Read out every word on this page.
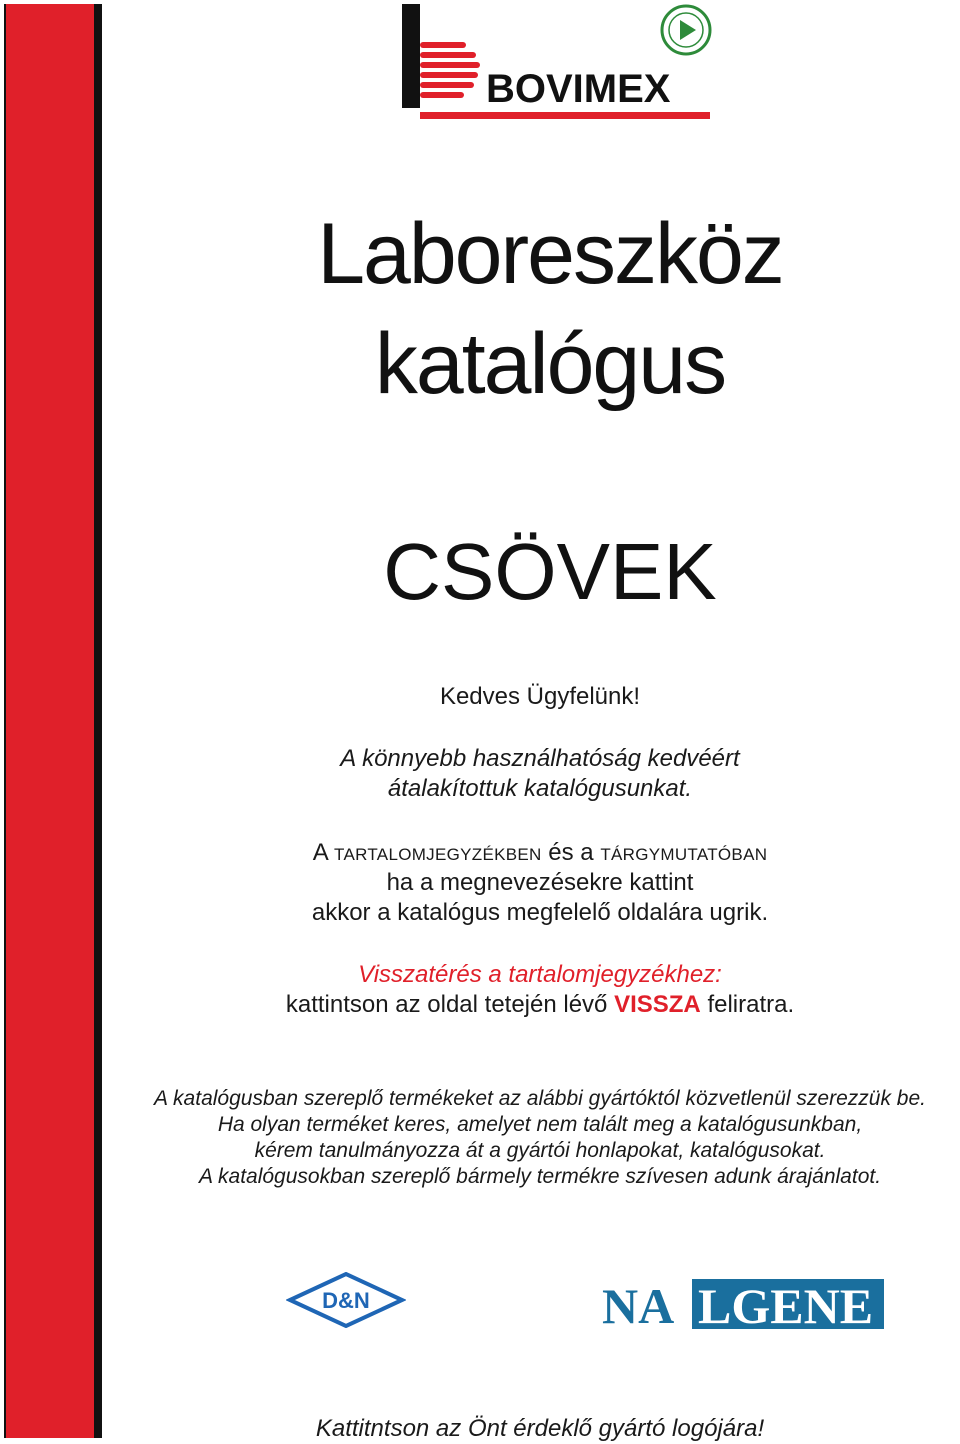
BOVIMEX
Laboreszköz
katalógus
CSÖVEK
Kedves Ügyfelünk!
A könnyebb használhatóság kedvéért
átalakítottuk katalógusunkat.
A TARTALOMJEGYZÉKBEN és a TÁRGYMUTATÓBAN
ha a megnevezésekre kattint
akkor a katalógus megfelelő oldalára ugrik.
Visszatérés a tartalomjegyzékhez:
kattintson az oldal tetején lévő VISSZA feliratra.
A katalógusban szereplő termékeket az alábbi gyártóktól közvetlenül szerezzük be.
Ha olyan terméket keres, amelyet nem talált meg a katalógusunkban,
kérem tanulmányozza át a gyártói honlapokat, katalógusokat.
A katalógusokban szereplő bármely termékre szívesen adunk árajánlatot.
D&N	NA LGENE
Kattitntson az Önt érdeklő gyártó logójára!
